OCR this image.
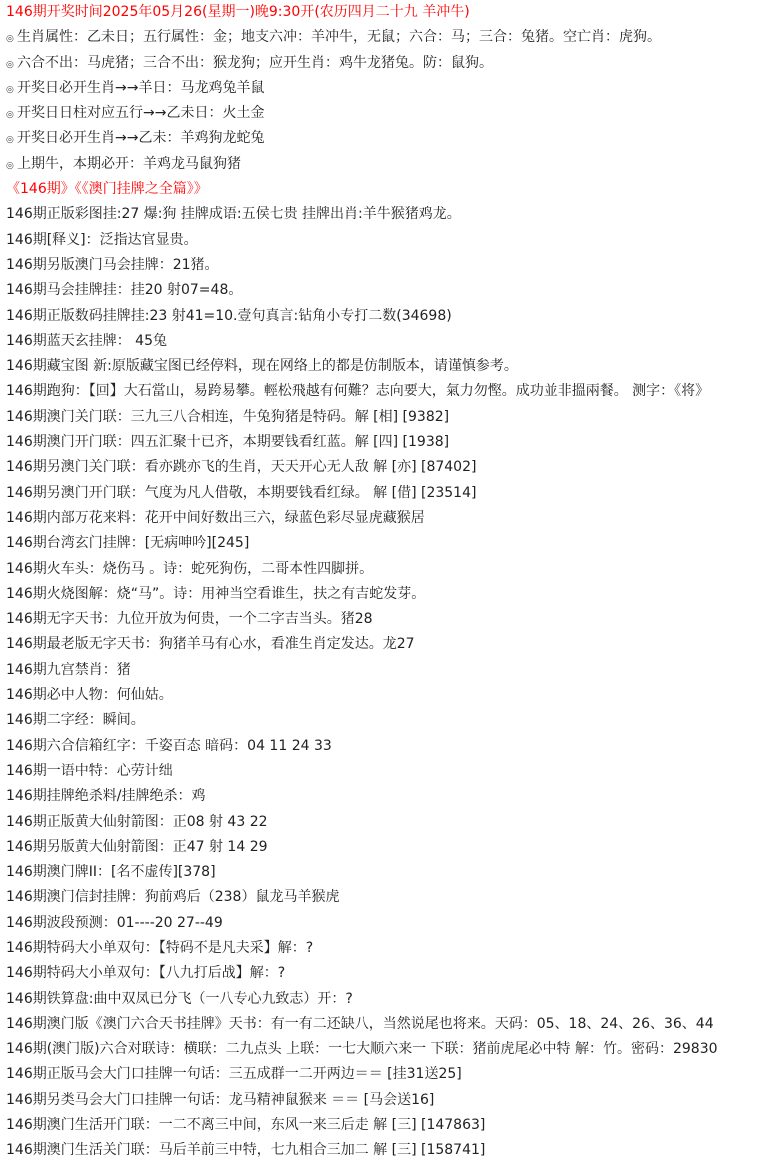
146期开奖时间2025年05月26(星期一)晚9:30开(农历四月二十九 羊冲牛)
◎ 生肖属性：乙未日；五行属性：金；地支六冲：羊冲牛，无鼠；六合：马；三合：兔猪。空亡肖：虎狗。
◎ 六合不出：马虎猪；三合不出：猴龙狗；应开生肖：鸡牛龙猪兔。防：鼠狗。
◎ 开奖日必开生肖→→羊日：马龙鸡兔羊鼠
◎ 开奖日日柱对应五行→→乙未日：火土金
◎ 开奖日必开生肖→→乙未：羊鸡狗龙蛇兔
◎ 上期牛，本期必开：羊鸡龙马鼠狗猪
《146期》《《澳门挂牌之全篇》》
146期正版彩图挂:27 爆:狗 挂牌成语:五侯七贵 挂牌出肖:羊牛猴猪鸡龙。
146期[释义]：泛指达官显贵。
146期另版澳门马会挂牌：21猪。
146期马会挂牌挂：挂20 射07=48。
146期正版数码挂牌挂:23 射41=10.壹句真言:钻角小专打二数(34698)
146期蓝天玄挂牌： 45兔
146期藏宝图 新:原版藏宝图已经停料，现在网络上的都是仿制版本，请谨慎参考。
146期跑狗：【回】大石當山，易跨易攀。輕松飛越有何難？志向要大，氣力勿慳。成功並非搵兩餐。 测字：《将》
146期澳门关门联：三九三八合相连，牛兔狗猪是特码。解 [相] [9382]
146期澳门开门联：四五汇聚十已齐，本期要钱看红蓝。解 [四] [1938]
146期另澳门关门联：看亦跳亦飞的生肖，天天开心无人敌 解 [亦] [87402]
146期另澳门开门联：气度为凡人借敬，本期要钱看红绿。 解 [借] [23514]
146期内部万花来料：花开中间好数出三六，绿蓝色彩尽显虎藏猴居
146期台湾玄门挂牌：[无病呻吟][245]
146期火车头：烧伤马 。诗：蛇死狗伤，二哥本性四脚拼。
146期火烧图解：烧“马”。诗：用神当空看谁生，扶之有吉蛇发芽。
146期无字天书：九位开放为何贵，一个二字吉当头。猪28
146期最老版无字天书：狗猪羊马有心水，看准生肖定发达。龙27
146期九宫禁肖：猪
146期必中人物：何仙姑。
146期二字经：瞬间。
146期六合信箱红字：千姿百态 暗码：04 11 24 33
146期一语中特：心劳计绌
146期挂牌绝杀料/挂牌绝杀：鸡
146期正版黄大仙射箭图：正08 射 43 22
146期另版黄大仙射箭图：正47 射 14 29
146期澳门牌II：[名不虚传][378]
146期澳门信封挂牌：狗前鸡后（238）鼠龙马羊猴虎
146期波段预测：01----20 27--49
146期特码大小单双句：【特码不是凡夫采】解：?
146期特码大小单双句：【八九打后战】解：?
146期铁算盘:曲中双凤已分飞（一八专心九致志）开：?
146期澳门版《澳门六合天书挂牌》天书：有一有二还缺八，当然说尾也将来。天码：05、18、24、26、36、44
146期(澳门版)六合对联诗：横联：二九点头 上联：一七大顺六来一 下联：猪前虎尾必中特 解：竹。密码：29830
146期正版马会大门口挂牌一句话：三五成群一二开两边＝＝ [挂31送25]
146期另类马会大门口挂牌一句话：龙马精神鼠猴来 ＝＝ [马会送16]
146期澳门生活开门联：一二不离三中间，东风一来三后走 解 [三] [147863]
146期澳门生活关门联：马后羊前三中特，七九相合三加二 解 [三] [158741]
